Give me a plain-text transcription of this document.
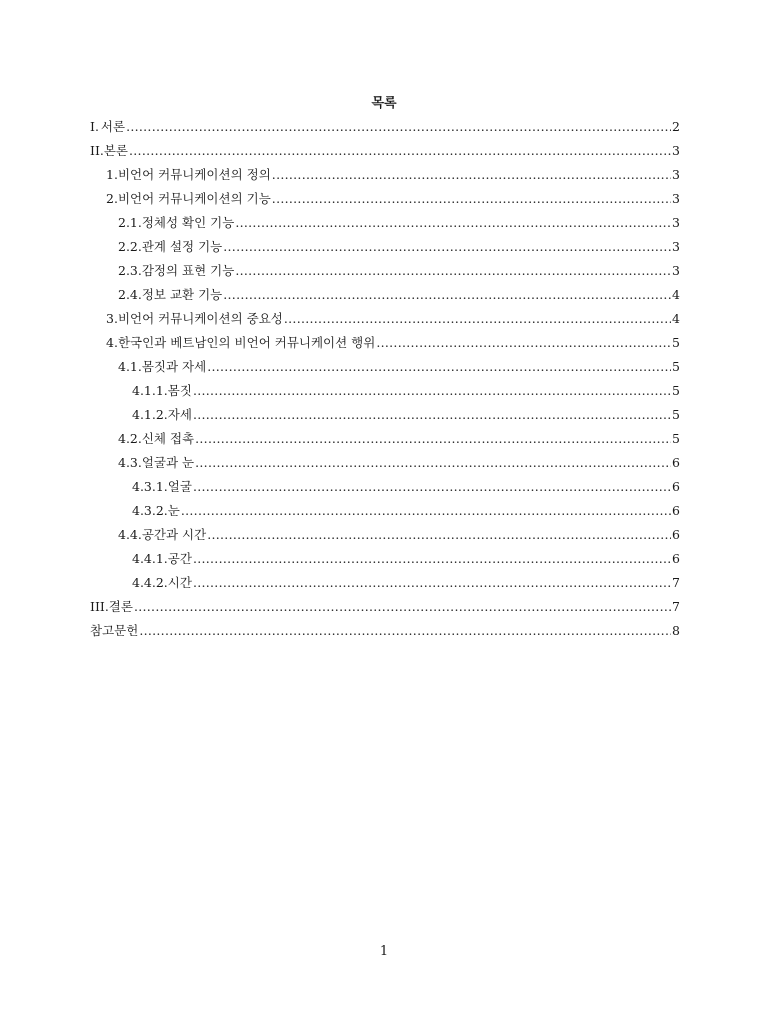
목록
I. 서론 .....	2
II. 본론 .....	3
1. 비언어 커뮤니케이션의 정의 .....	3
2. 비언어 커뮤니케이션의 기능 .....	3
2.1. 정체성 확인 기능 .....	3
2.2. 관계 설정 기능 .....	3
2.3. 감정의 표현 기능 .....	3
2.4. 정보 교환 기능 .....	4
3. 비언어 커뮤니케이션의 중요성 .....	4
4. 한국인과 베트남인의 비언어 커뮤니케이션 행위 .....	5
4.1. 몸짓과 자세 .....	5
4.1.1. 몸짓 .....	5
4.1.2. 자세 .....	5
4.2. 신체 접촉 .....	5
4.3. 얼굴과 눈 .....	6
4.3.1. 얼굴 .....	6
4.3.2. 눈 .....	6
4.4. 공간과 시간 .....	6
4.4.1. 공간 .....	6
4.4.2. 시간 .....	7
III. 결론 .....	7
참고문헌 .....	8
1
